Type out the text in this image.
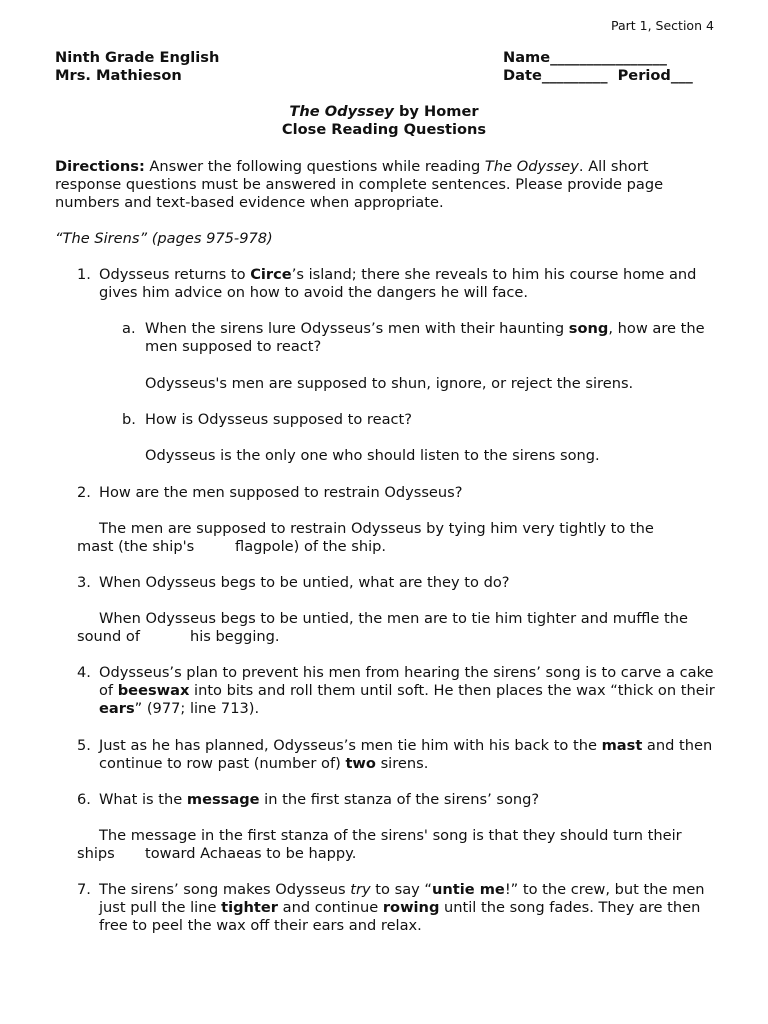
Part 1, Section 4
Ninth Grade English
Mrs. Mathieson
Name________________
Date_________ Period___
The Odyssey by Homer
Close Reading Questions
Directions: Answer the following questions while reading The Odyssey. All short response questions must be answered in complete sentences. Please provide page numbers and text-based evidence when appropriate.
“The Sirens” (pages 975-978)
1. Odysseus returns to Circe’s island; there she reveals to him his course home and gives him advice on how to avoid the dangers he will face.
a. When the sirens lure Odysseus’s men with their haunting song, how are the men supposed to react?
Odysseus's men are supposed to shun, ignore, or reject the sirens.
b. How is Odysseus supposed to react?
Odysseus is the only one who should listen to the sirens song.
2. How are the men supposed to restrain Odysseus?
The men are supposed to restrain Odysseus by tying him very tightly to the
mast (the ship's	flagpole) of the ship.
3. When Odysseus begs to be untied, what are they to do?
When Odysseus begs to be untied, the men are to tie him tighter and muffle the
sound of	his begging.
4. Odysseus’s plan to prevent his men from hearing the sirens’ song is to carve a cake of beeswax into bits and roll them until soft. He then places the wax “thick on their ears” (977; line 713).
5. Just as he has planned, Odysseus’s men tie him with his back to the mast and then continue to row past (number of) two sirens.
6. What is the message in the first stanza of the sirens’ song?
The message in the first stanza of the sirens' song is that they should turn their
ships toward Achaeas to be happy.
7. The sirens’ song makes Odysseus try to say “untie me!” to the crew, but the men just pull the line tighter and continue rowing until the song fades. They are then free to peel the wax off their ears and relax.
